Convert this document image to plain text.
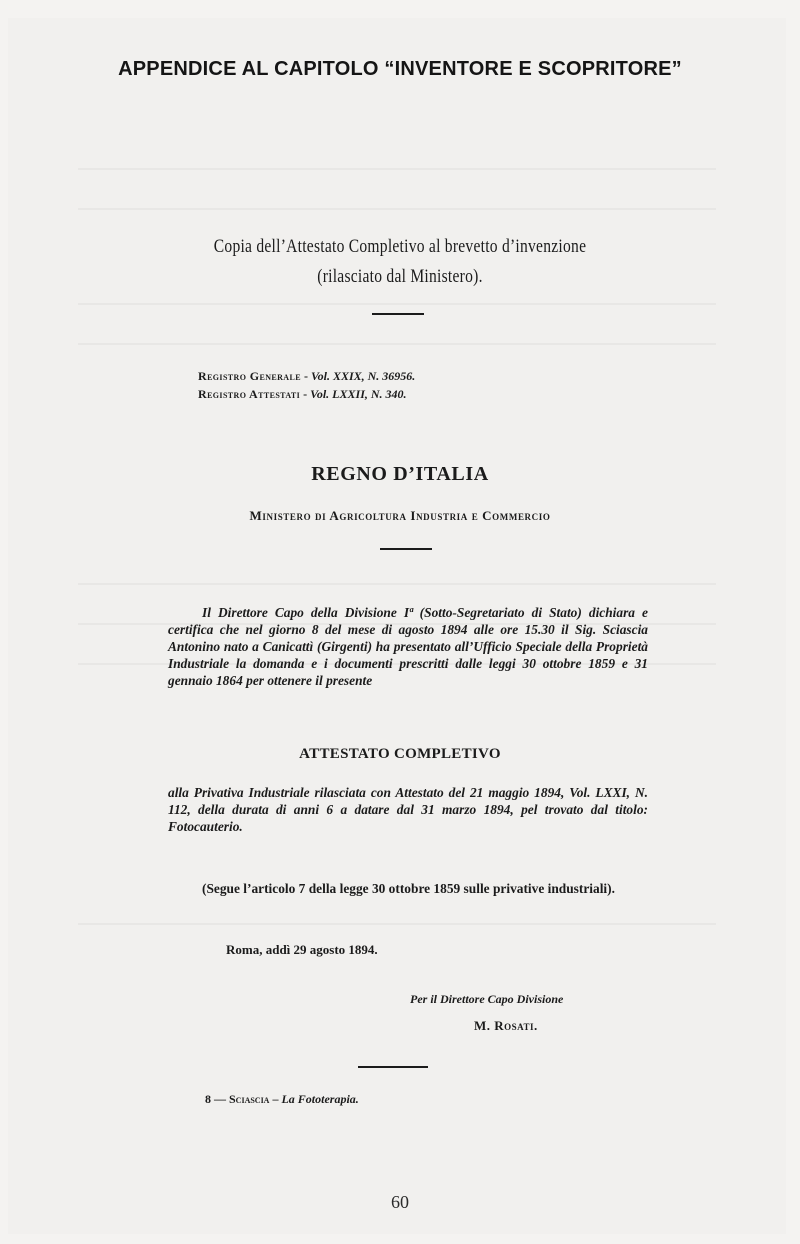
APPENDICE AL CAPITOLO “INVENTORE E SCOPRITORE”
Copia dell’Attestato Completivo al brevetto d’invenzione
(rilasciato dal Ministero).
Registro Generale - Vol. XXIX, N. 36956.
Registro Attestati - Vol. LXXII, N. 340.
REGNO D’ITALIA
Ministero di Agricoltura Industria e Commercio
Il Direttore Capo della Divisione Iª (Sotto-Segretariato di Stato) dichiara e certifica che nel giorno 8 del mese di agosto 1894 alle ore 15.30 il Sig. Sciascia Antonino nato a Canicattì (Girgenti) ha presentato all’Ufficio Speciale della Proprietà Industriale la domanda e i documenti prescritti dalle leggi 30 ottobre 1859 e 31 gennaio 1864 per ottenere il presente
ATTESTATO COMPLETIVO
alla Privativa Industriale rilasciata con Attestato del 21 maggio 1894, Vol. LXXI, N. 112, della durata di anni 6 a datare dal 31 marzo 1894, pel trovato dal titolo: Fotocauterio.
(Segue l’articolo 7 della legge 30 ottobre 1859 sulle privative industriali).
Roma, addì 29 agosto 1894.
Per il Direttore Capo Divisione
M. Rosati.
8 — Sciascia – La Fototerapia.
60
